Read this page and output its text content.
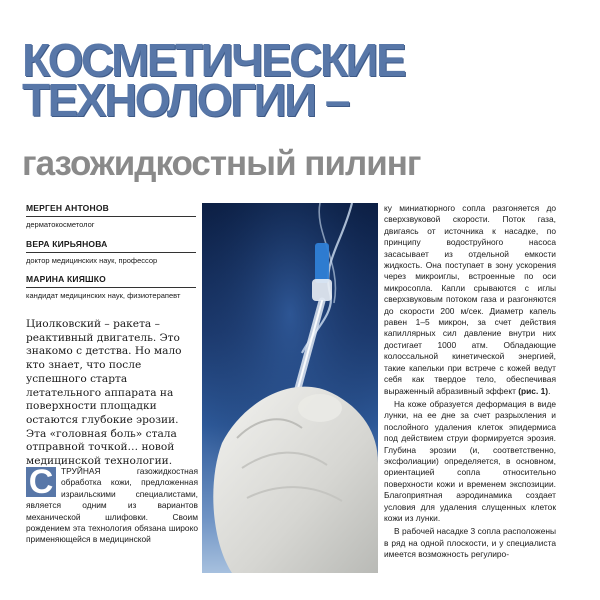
КОСМЕТИЧЕСКИЕ
ТЕХНОЛОГИИ –
газожидкостный пилинг
МЕРГЕН АНТОНОВ
дерматокосметолог
ВЕРА КИРЬЯНОВА
доктор медицинских наук, профессор
МАРИНА КИЯШКО
кандидат медицинских наук, физиотерапевт
Циолковский – ракета – реактивный двигатель. Это знакомо с детства. Но мало кто знает, что после успешного старта летательного аппарата на поверхности площадки остаются глубокие эрозии. Эта «головная боль» стала отправной точкой… новой медицинской технологии.
С ТРУЙНАЯ газожидкостная обработка кожи, предложенная израильскими специалистами, является одним из вариантов механической шлифовки. Своим рождением эта технология обязана широко применяющейся в медицинской

ку миниатюрного сопла разгоняется до сверхзвуковой скорости. Поток газа, двигаясь от источника к насадке, по принципу водоструйного насоса засасывает из отдельной емкости жидкость. Она поступает в зону ускорения через микроиглы, встроенные по оси микросопла. Капли срываются с иглы сверхзвуковым потоком газа и разгоняются до скорости 200 м/сек. Диаметр капель равен 1–5 микрон, за счет действия капиллярных сил давление внутри них достигает 1000 атм. Обладающие колоссальной кинетической энергией, такие капельки при встрече с кожей ведут себя как твердое тело, обеспечивая выраженный абразивный эффект (рис. 1).

На коже образуется деформация в виде лунки, на ее дне за счет разрыхления и послойного удаления клеток эпидермиса под действием струи формируется эрозия. Глубина эрозии (и, соответственно, эксфолиации) определяется, в основном, ориентацией сопла относительно поверхности кожи и временем экспозиции. Благоприятная аэродинамика создает условия для удаления слущенных клеток кожи из лунки.

В рабочей насадке 3 сопла расположены в ряд на одной плоскости, и у специалиста имеется возможность регулиро-
